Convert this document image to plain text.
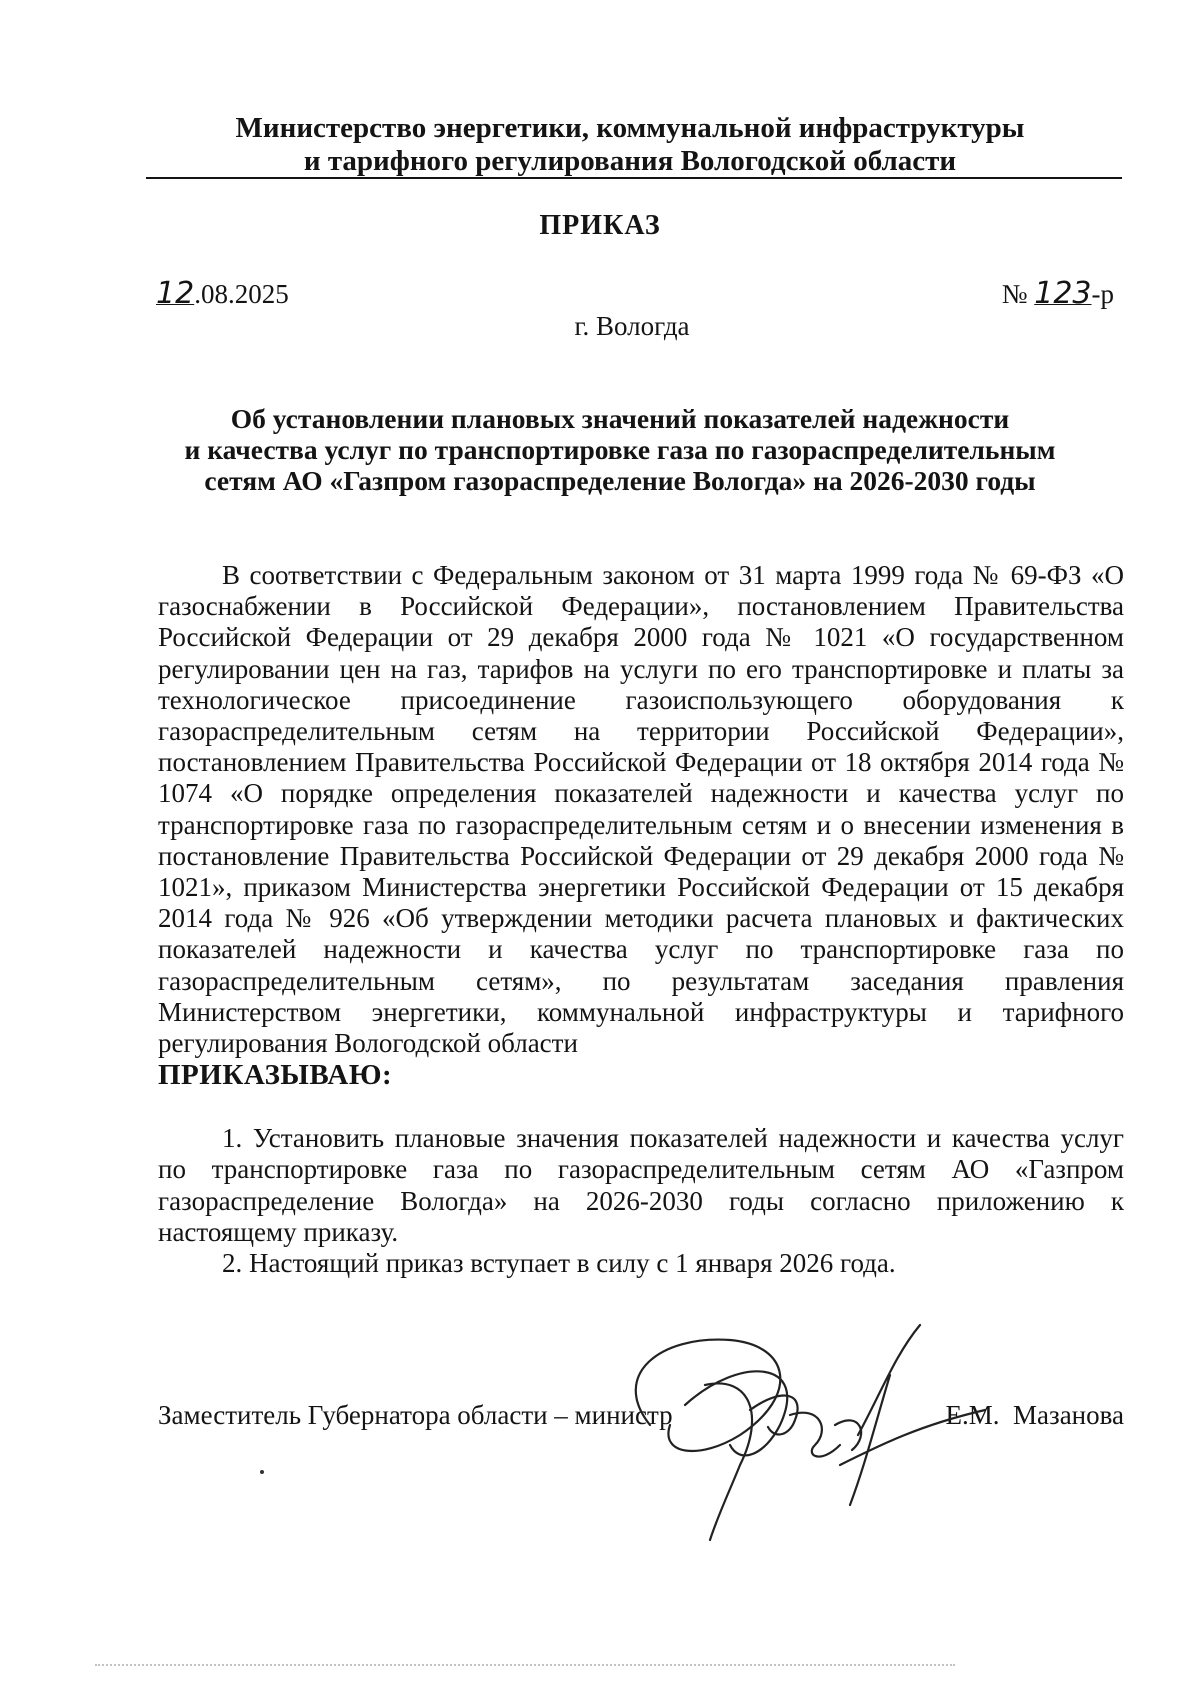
Министерство энергетики, коммунальной инфраструктуры
и тарифного регулирования Вологодской области
ПРИКАЗ
12.08.2025	№ 123-р
г. Вологда
Об установлении плановых значений показателей надежности
и качества услуг по транспортировке газа по газораспределительным
сетям АО «Газпром газораспределение Вологда» на 2026-2030 годы

В соответствии с Федеральным законом от 31 марта 1999 года № 69-ФЗ «О газоснабжении в Российской Федерации», постановлением Правительства Российской Федерации от 29 декабря 2000 года № 1021 «О государственном регулировании цен на газ, тарифов на услуги по его транспортировке и платы за технологическое присоединение газоиспользующего оборудования к газораспределительным сетям на территории Российской Федерации», постановлением Правительства Российской Федерации от 18 октября 2014 года № 1074 «О порядке определения показателей надежности и качества услуг по транспортировке газа по газораспределительным сетям и о внесении изменения в постановление Правительства Российской Федерации от 29 декабря 2000 года № 1021», приказом Министерства энергетики Российской Федерации от 15 декабря 2014 года № 926 «Об утверждении методики расчета плановых и фактических показателей надежности и качества услуг по транспортировке газа по газораспределительным сетям», по результатам заседания правления Министерством энергетики, коммунальной инфраструктуры и тарифного регулирования Вологодской области

ПРИКАЗЫВАЮ:

1. Установить плановые значения показателей надежности и качества услуг по транспортировке газа по газораспределительным сетям АО «Газпром газораспределение Вологда» на 2026-2030 годы согласно приложению к настоящему приказу.

2. Настоящий приказ вступает в силу с 1 января 2026 года.

Заместитель Губернатора области – министр	Е.М.  Мазанова
